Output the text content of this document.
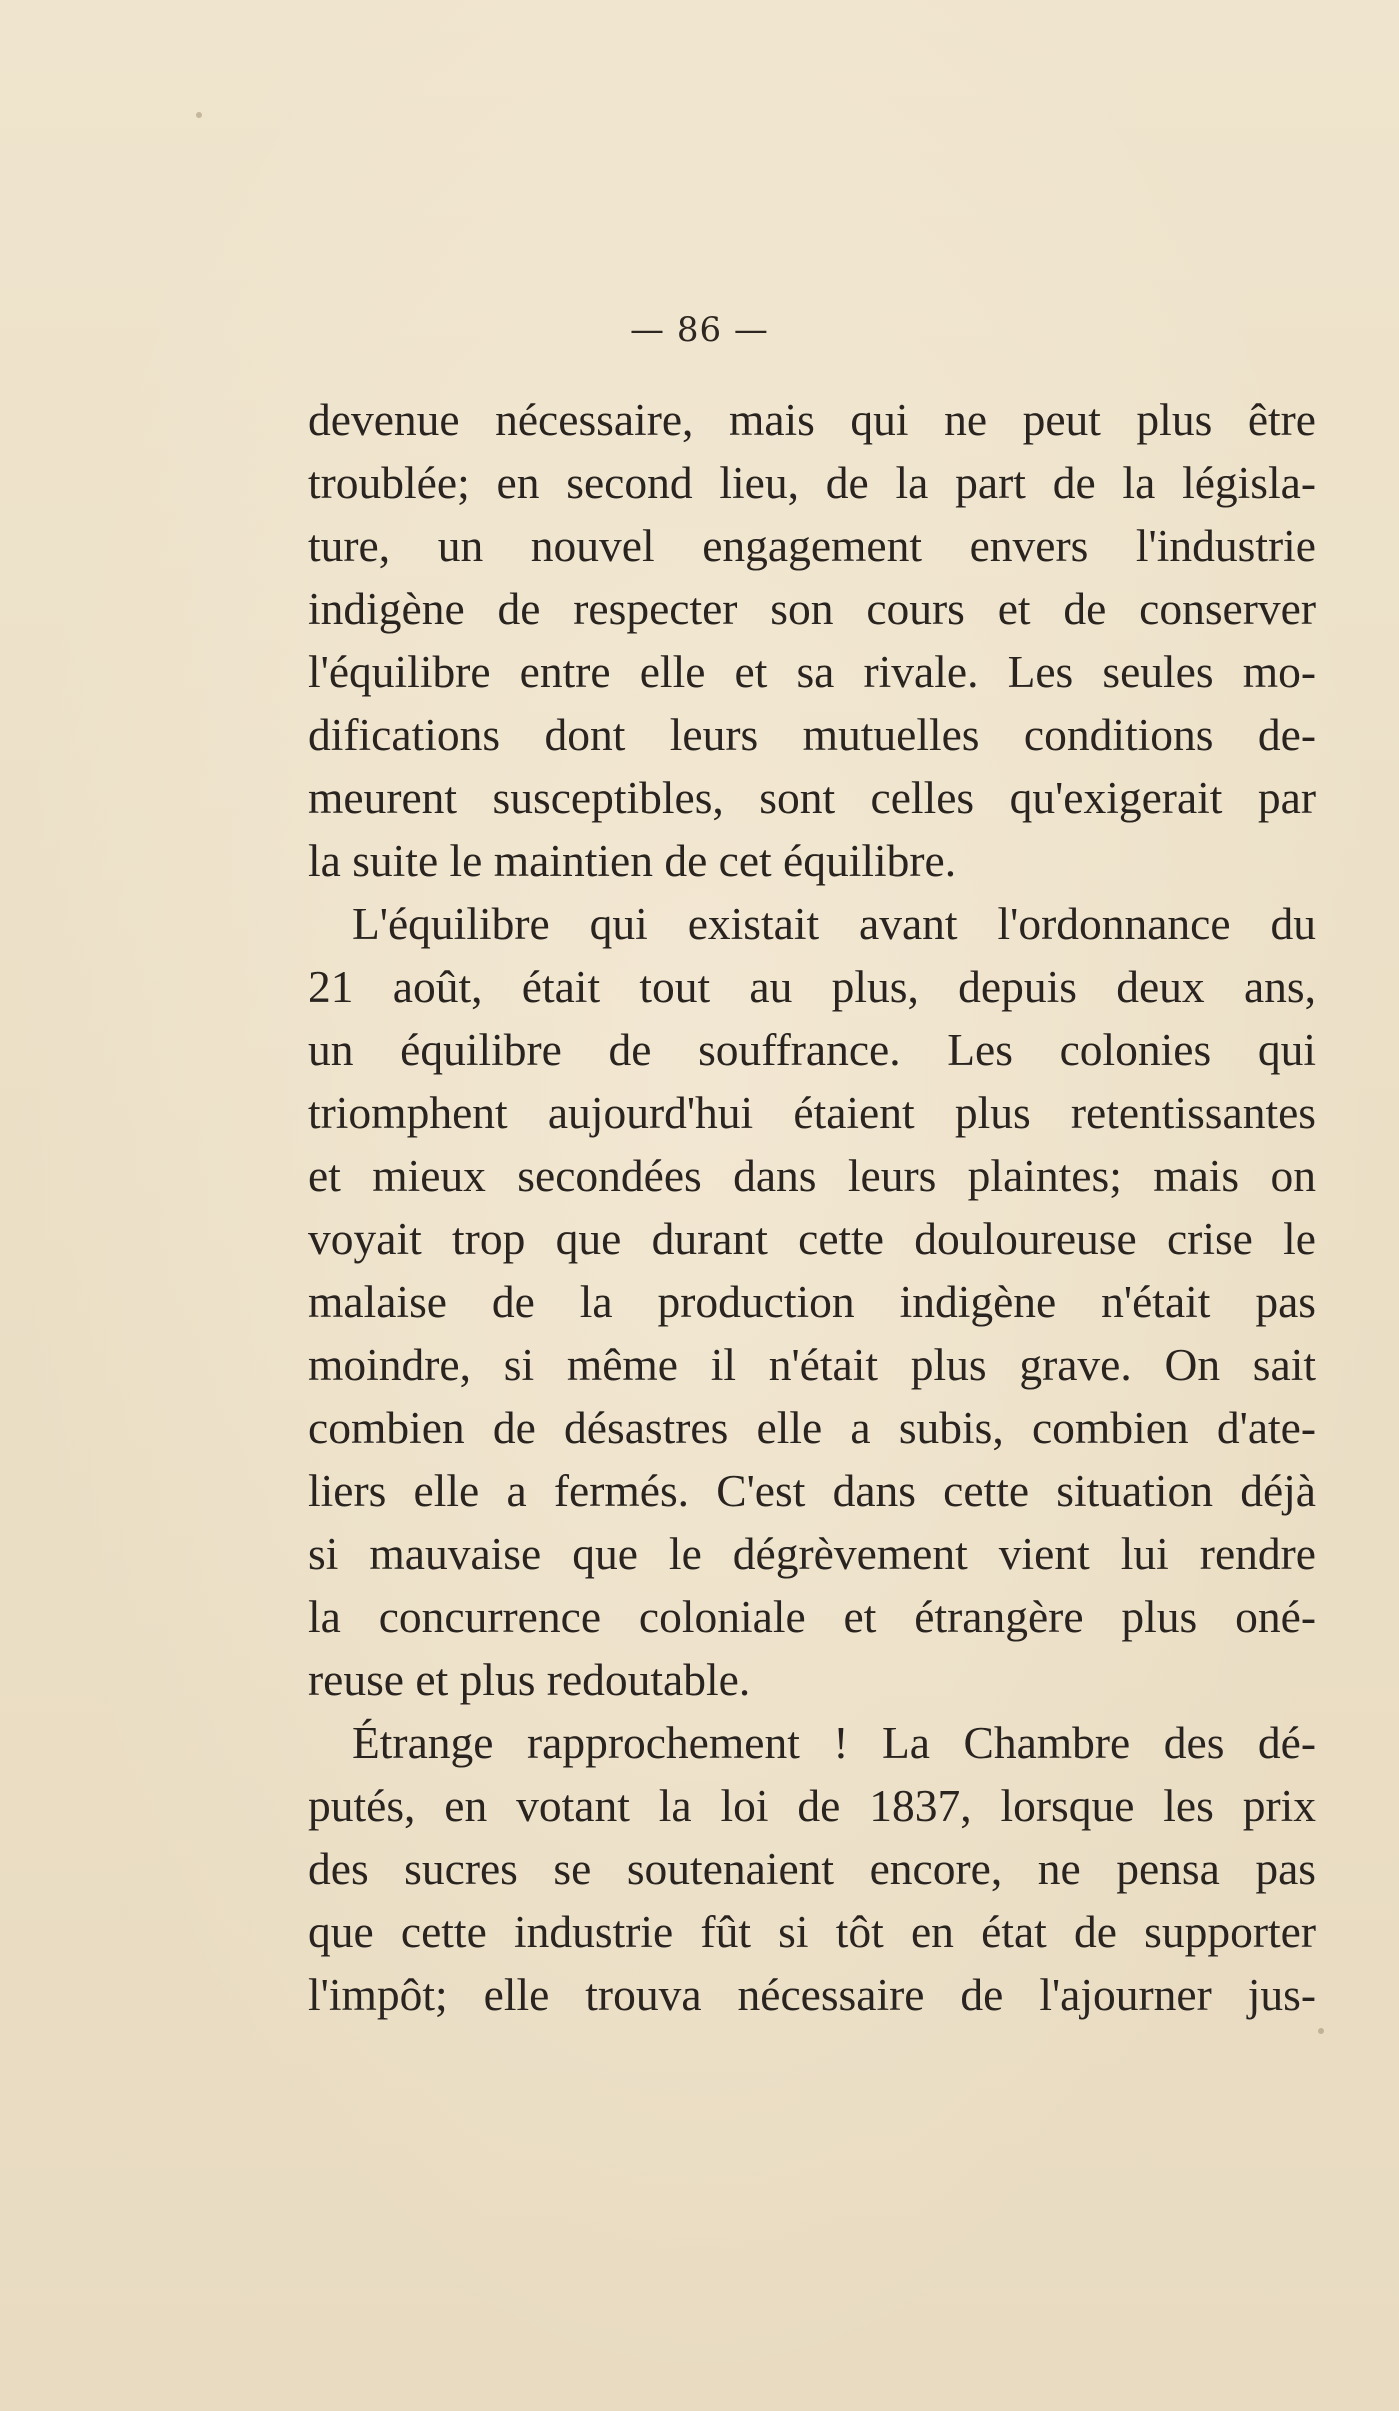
— 86 —
devenue nécessaire, mais qui ne peut plus être
troublée; en second lieu, de la part de la législa-
ture, un nouvel engagement envers l'industrie
indigène de respecter son cours et de conserver
l'équilibre entre elle et sa rivale. Les seules mo-
difications dont leurs mutuelles conditions de-
meurent susceptibles, sont celles qu'exigerait par
la suite le maintien de cet équilibre.
L'équilibre qui existait avant l'ordonnance du
21 août, était tout au plus, depuis deux ans,
un équilibre de souffrance. Les colonies qui
triomphent aujourd'hui étaient plus retentissantes
et mieux secondées dans leurs plaintes; mais on
voyait trop que durant cette douloureuse crise le
malaise de la production indigène n'était pas
moindre, si même il n'était plus grave. On sait
combien de désastres elle a subis, combien d'ate-
liers elle a fermés. C'est dans cette situation déjà
si mauvaise que le dégrèvement vient lui rendre
la concurrence coloniale et étrangère plus oné-
reuse et plus redoutable.
Étrange rapprochement ! La Chambre des dé-
putés, en votant la loi de 1837, lorsque les prix
des sucres se soutenaient encore, ne pensa pas
que cette industrie fût si tôt en état de supporter
l'impôt; elle trouva nécessaire de l'ajourner jus-
